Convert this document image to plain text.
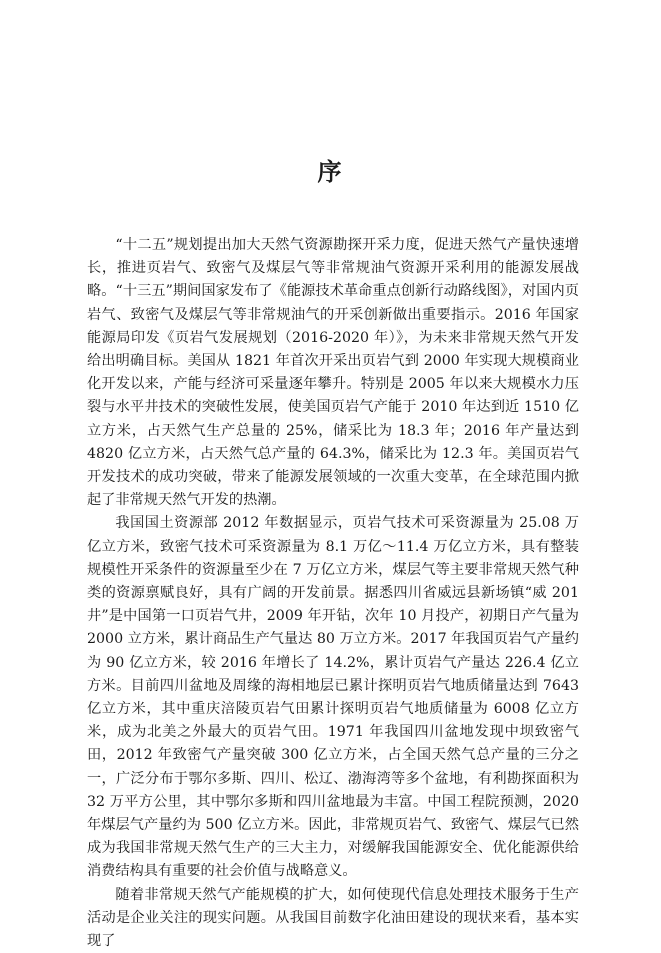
序

“十二五”规划提出加大天然气资源勘探开采力度，促进天然气产量快速增长，推进页岩气、致密气及煤层气等非常规油气资源开采利用的能源发展战略。“十三五”期间国家发布了《能源技术革命重点创新行动路线图》，对国内页岩气、致密气及煤层气等非常规油气的开采创新做出重要指示。2016 年国家能源局印发《页岩气发展规划（2016-2020 年）》，为未来非常规天然气开发给出明确目标。美国从 1821 年首次开采出页岩气到 2000 年实现大规模商业化开发以来，产能与经济可采量逐年攀升。特别是 2005 年以来大规模水力压裂与水平井技术的突破性发展，使美国页岩气产能于 2010 年达到近 1510 亿立方米，占天然气生产总量的 25%，储采比为 18.3 年；2016 年产量达到 4820 亿立方米，占天然气总产量的 64.3%，储采比为 12.3 年。美国页岩气开发技术的成功突破，带来了能源发展领域的一次重大变革，在全球范围内掀起了非常规天然气开发的热潮。

我国国土资源部 2012 年数据显示，页岩气技术可采资源量为 25.08 万亿立方米，致密气技术可采资源量为 8.1 万亿～11.4 万亿立方米，具有整装规模性开采条件的资源量至少在 7 万亿立方米，煤层气等主要非常规天然气种类的资源禀赋良好，具有广阔的开发前景。据悉四川省威远县新场镇“威 201 井”是中国第一口页岩气井，2009 年开钻，次年 10 月投产，初期日产气量为 2000 立方米，累计商品生产气量达 80 万立方米。2017 年我国页岩气产量约为 90 亿立方米，较 2016 年增长了 14.2%，累计页岩气产量达 226.4 亿立方米。目前四川盆地及周缘的海相地层已累计探明页岩气地质储量达到 7643 亿立方米，其中重庆涪陵页岩气田累计探明页岩气地质储量为 6008 亿立方米，成为北美之外最大的页岩气田。1971 年我国四川盆地发现中坝致密气田，2012 年致密气产量突破 300 亿立方米，占全国天然气总产量的三分之一，广泛分布于鄂尔多斯、四川、松辽、渤海湾等多个盆地，有利勘探面积为 32 万平方公里，其中鄂尔多斯和四川盆地最为丰富。中国工程院预测，2020 年煤层气产量约为 500 亿立方米。因此，非常规页岩气、致密气、煤层气已然成为我国非常规天然气生产的三大主力，对缓解我国能源安全、优化能源供给消费结构具有重要的社会价值与战略意义。

随着非常规天然气产能规模的扩大，如何使现代信息处理技术服务于生产活动是企业关注的现实问题。从我国目前数字化油田建设的现状来看，基本实现了
